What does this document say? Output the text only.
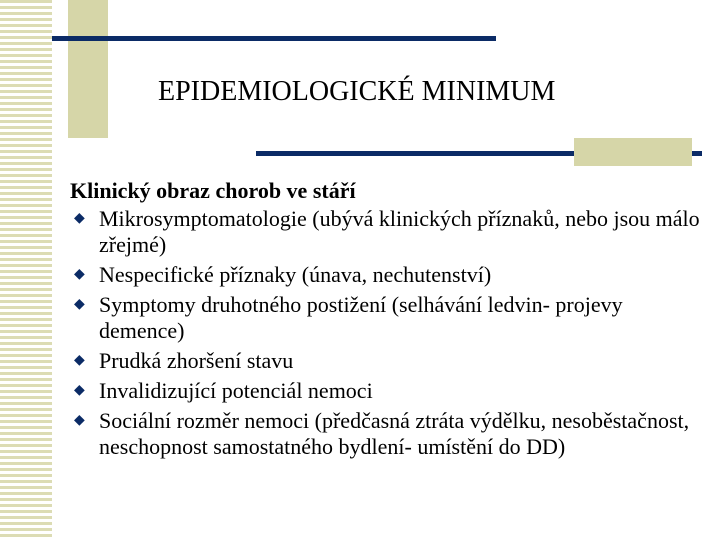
EPIDEMIOLOGICKÉ MINIMUM
Klinický obraz chorob ve stáří
◆ Mikrosymptomatologie (ubývá klinických příznaků, nebo jsou málo zřejmé)
◆ Nespecifické příznaky (únava, nechutenství)
◆ Symptomy druhotného postižení (selhávání ledvin- projevy demence)
◆ Prudká zhoršení stavu
◆ Invalidizující potenciál nemoci
◆ Sociální rozměr nemoci (předčasná ztráta výdělku, nesoběstačnost, neschopnost samostatného bydlení- umístění do DD)
